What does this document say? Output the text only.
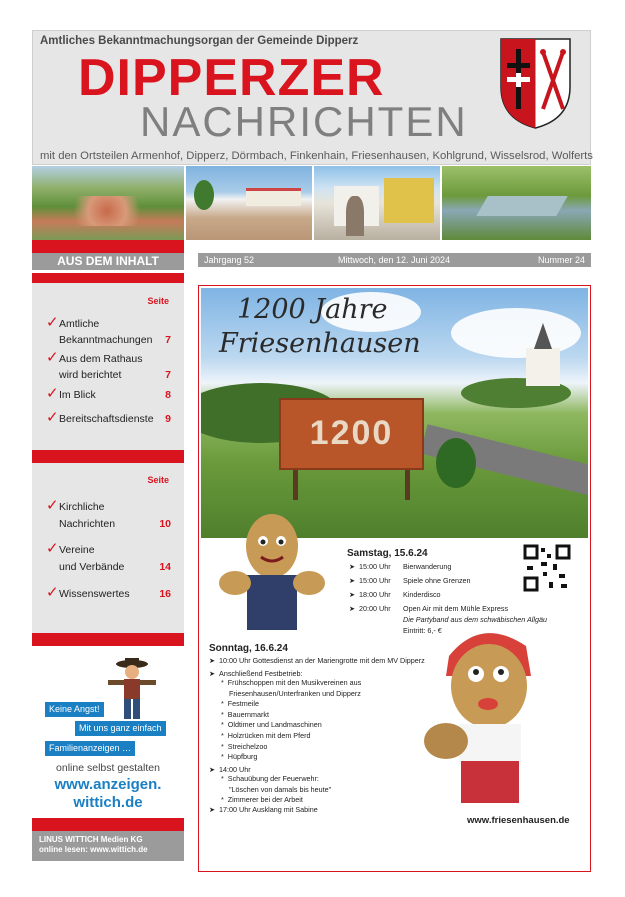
Amtliches Bekanntmachungsorgan der Gemeinde Dipperz
DIPPERZER
NACHRICHTEN
mit den Ortsteilen Armenhof, Dipperz, Dörmbach, Finkenhain, Friesenhausen, Kohlgrund, Wisselsrod, Wolferts
AUS DEM INHALT	Jahrgang 52	Mittwoch, den 12. Juni 2024	Nummer 24
Seite
✓ Amtliche
Bekanntmachungen 7
✓ Aus dem Rathaus
wird berichtet	7
✓ Im Blick	8
✓ Bereitschaftsdienste 9
Seite
✓ Kirchliche
Nachrichten	10
✓ Vereine
und Verbände	14
✓ Wissenswertes	16
Keine Angst!
Mit uns ganz einfach
Familienanzeigen …
online selbst gestalten
www.anzeigen.
wittich.de
LINUS WITTICH Medien KG
online lesen: www.wittich.de
1200
1200 Jahre
Friesenhausen
Samstag, 15.6.24
➤  15:00 Uhr Bierwanderung
➤  15:00 Uhr Spiele ohne Grenzen
➤  18:00 Uhr Kinderdisco
➤  20:00 Uhr Open Air mit dem Mühle Express
Die Partyband aus dem schwäbischen Allgäu
Eintritt: 6,- €
Sonntag, 16.6.24
➤  10:00 Uhr Gottesdienst an der Mariengrotte mit dem MV Dipperz
➤  Anschließend Festbetrieb:
*  Frühschoppen mit den Musikvereinen aus
Friesenhausen/Unterfranken und Dipperz
*  Festmeile
*  Bauernmarkt
*  Oldtimer und Landmaschinen
*  Holzrücken mit dem Pferd
*  Streichelzoo
*  Hüpfburg
➤  14:00 Uhr
*  Schauübung der Feuerwehr:
"Löschen von damals bis heute"
*  Zimmerer bei der Arbeit
➤  17:00 Uhr Ausklang mit Sabine
www.friesenhausen.de
